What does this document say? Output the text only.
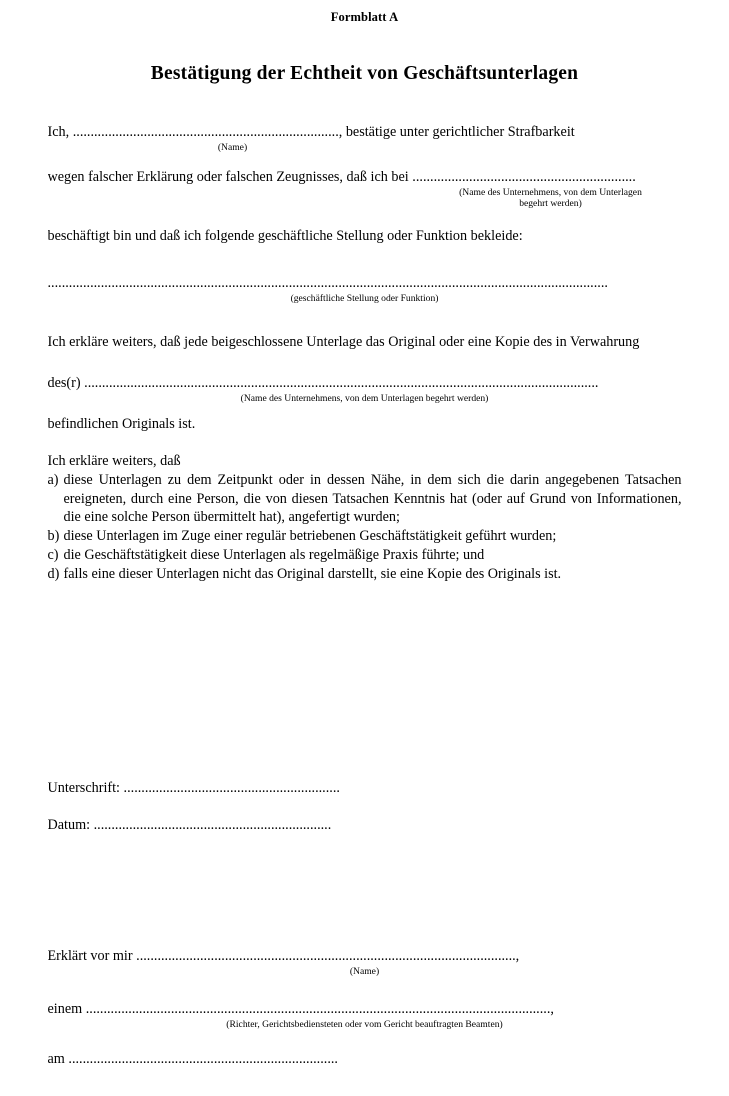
Formblatt A
Bestätigung der Echtheit von Geschäftsunterlagen
Ich, ..........................................................................., bestätige unter gerichtlicher Strafbarkeit
(Name)
wegen falscher Erklärung oder falschen Zeugnisses, daß ich bei ...............................................................
(Name des Unternehmens, von dem Unterlagen
begehrt werden)
beschäftigt bin und daß ich folgende geschäftliche Stellung oder Funktion bekleide:
..............................................................................................................................................................
(geschäftliche Stellung oder Funktion)
Ich erkläre weiters, daß jede beigeschlossene Unterlage das Original oder eine Kopie des in Verwahrung
des(r) .................................................................................................................................................
(Name des Unternehmens, von dem Unterlagen begehrt werden)
befindlichen Originals ist.
Ich erkläre weiters, daß
a) diese Unterlagen zu dem Zeitpunkt oder in dessen Nähe, in dem sich die darin angegebenen Tatsachen ereigneten, durch eine Person, die von diesen Tatsachen Kenntnis hat (oder auf Grund von Informationen, die eine solche Person übermittelt hat), angefertigt wurden;
b) diese Unterlagen im Zuge einer regulär betriebenen Geschäftstätigkeit geführt wurden;
c) die Geschäftstätigkeit diese Unterlagen als regelmäßige Praxis führte; und
d) falls eine dieser Unterlagen nicht das Original darstellt, sie eine Kopie des Originals ist.
Unterschrift: .............................................................
Datum: ...................................................................
Erklärt vor mir ...........................................................................................................,
(Name)
einem ...................................................................................................................................,
(Richter, Gerichtsbediensteten oder vom Gericht beauftragten Beamten)
am ............................................................................
